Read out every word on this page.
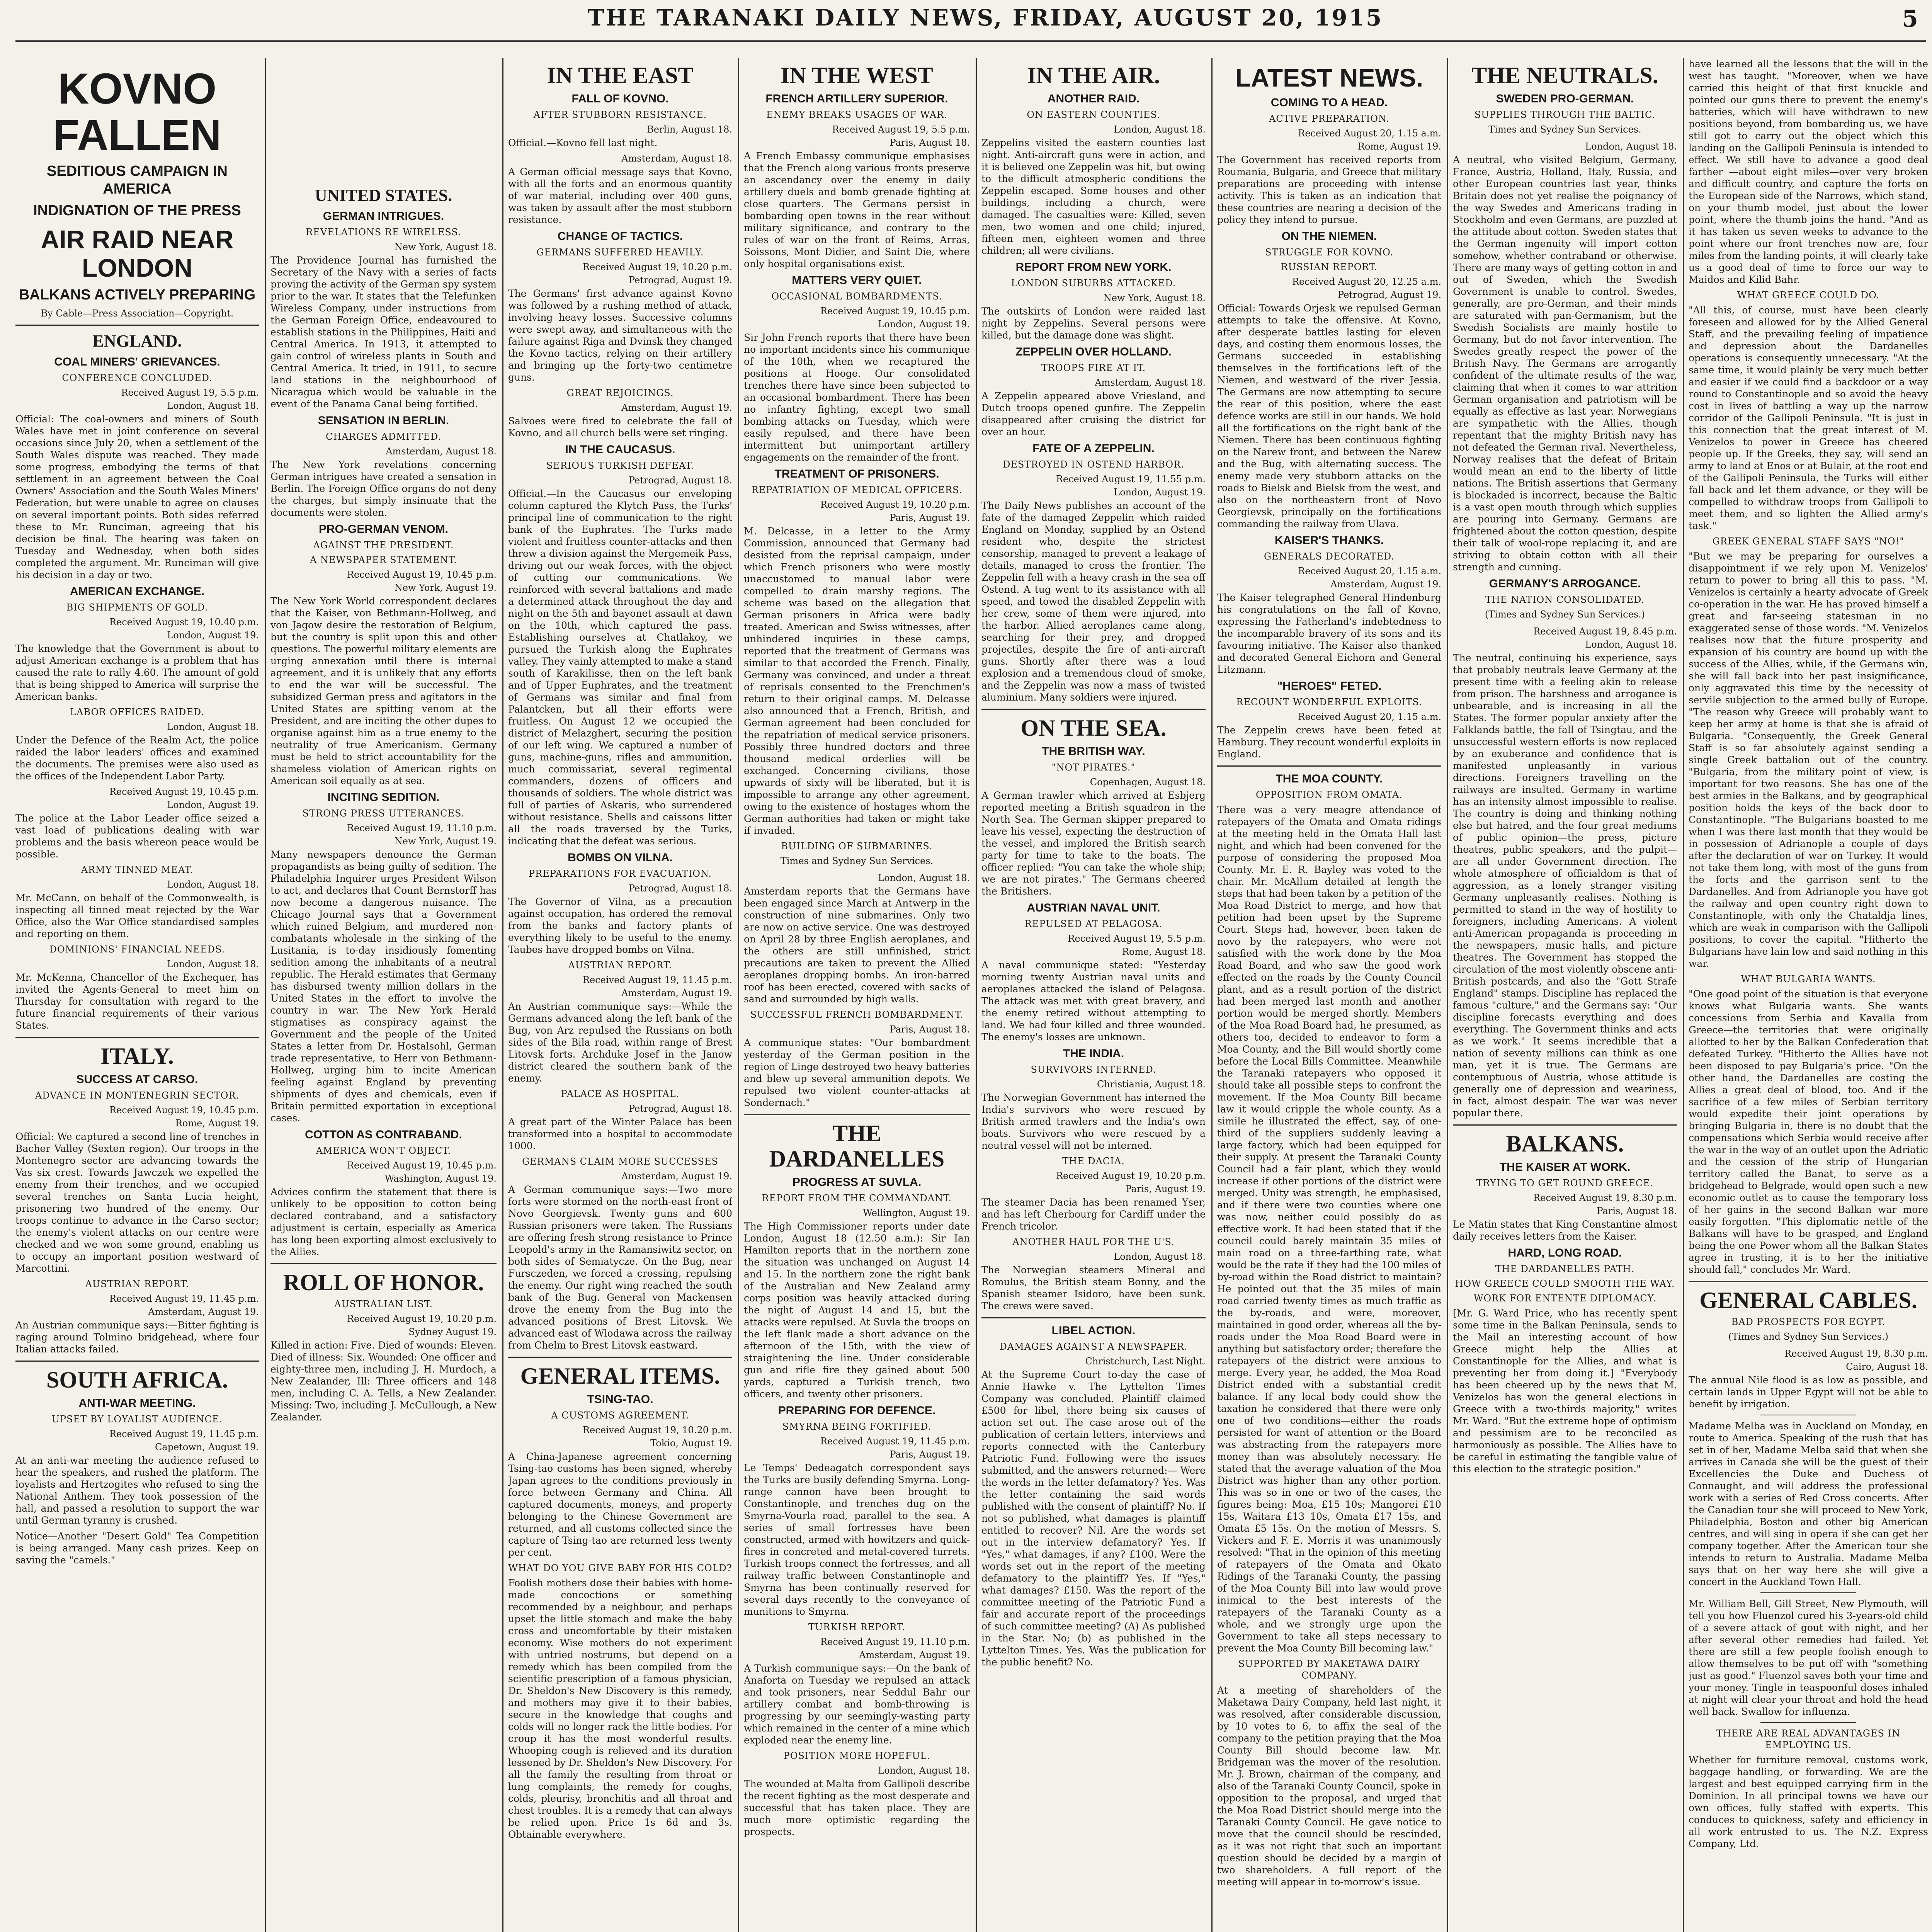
THE TARANAKI DAILY NEWS, FRIDAY, AUGUST 20, 1915	5
KOVNO FALLEN
SEDITIOUS CAMPAIGN IN AMERICA
INDIGNATION OF THE PRESS
AIR RAID NEAR LONDON
BALKANS ACTIVELY PREPARING
By Cable—Press Association—Copyright.
ENGLAND.
COAL MINERS' GRIEVANCES.
CONFERENCE CONCLUDED.
Received August 19, 5.5 p.m.
London, August 18.
Official: The coal-owners and miners of South Wales have met in joint conference on several occasions since July 20, when a settlement of the South Wales dispute was reached. They made some progress, embodying the terms of that settlement in an agreement between the Coal Owners' Association and the South Wales Miners' Federation, but were unable to agree on clauses on several important points. Both sides referred these to Mr. Runciman, agreeing that his decision be final. The hearing was taken on Tuesday and Wednesday, when both sides completed the argument. Mr. Runciman will give his decision in a day or two.
AMERICAN EXCHANGE.
BIG SHIPMENTS OF GOLD.
Received August 19, 10.40 p.m.
London, August 19.
The knowledge that the Government is about to adjust American exchange is a problem that has caused the rate to rally 4.60. The amount of gold that is being shipped to America will surprise the American banks.
LABOR OFFICES RAIDED.
London, August 18.
Under the Defence of the Realm Act, the police raided the labor leaders' offices and examined the documents. The premises were also used as the offices of the Independent Labor Party.
Received August 19, 10.45 p.m.
London, August 19.
The police at the Labor Leader office seized a vast load of publications dealing with war problems and the basis whereon peace would be possible.
ARMY TINNED MEAT.
London, August 18.
Mr. McCann, on behalf of the Commonwealth, is inspecting all tinned meat rejected by the War Office, also the War Office standardised samples and reporting on them.
DOMINIONS' FINANCIAL NEEDS.
London, August 18.
Mr. McKenna, Chancellor of the Exchequer, has invited the Agents-General to meet him on Thursday for consultation with regard to the future financial requirements of their various States.
ITALY.
SUCCESS AT CARSO.
ADVANCE IN MONTENEGRIN SECTOR.
Received August 19, 10.45 p.m.
Rome, August 19.
Official: We captured a second line of trenches in Bacher Valley (Sexten region). Our troops in the Montenegro sector are advancing towards the Vas six crest. Towards Jawczek we expelled the enemy from their trenches, and we occupied several trenches on Santa Lucia height, prisonering two hundred of the enemy. Our troops continue to advance in the Carso sector; the enemy's violent attacks on our centre were checked and we won some ground, enabling us to occupy an important position westward of Marcottini.
AUSTRIAN REPORT.
Received August 19, 11.45 p.m.
Amsterdam, August 19.
An Austrian communique says:—Bitter fighting is raging around Tolmino bridgehead, where four Italian attacks failed.
SOUTH AFRICA.
ANTI-WAR MEETING.
UPSET BY LOYALIST AUDIENCE.
Received August 19, 11.45 p.m.
Capetown, August 19.
At an anti-war meeting the audience refused to hear the speakers, and rushed the platform. The loyalists and Hertzogites who refused to sing the National Anthem. They took possession of the hall, and passed a resolution to support the war until German tyranny is crushed.
Notice—Another "Desert Gold" Tea Competition is being arranged. Many cash prizes. Keep on saving the "camels."
UNITED STATES.
GERMAN INTRIGUES.
REVELATIONS RE WIRELESS.
New York, August 18.
The Providence Journal has furnished the Secretary of the Navy with a series of facts proving the activity of the German spy system prior to the war. It states that the Telefunken Wireless Company, under instructions from the German Foreign Office, endeavoured to establish stations in the Philippines, Haiti and Central America. In 1913, it attempted to gain control of wireless plants in South and Central America. It tried, in 1911, to secure land stations in the neighbourhood of Nicaragua which would be valuable in the event of the Panama Canal being fortified.
SENSATION IN BERLIN.
CHARGES ADMITTED.
Amsterdam, August 18.
The New York revelations concerning German intrigues have created a sensation in Berlin. The Foreign Office organs do not deny the charges, but simply insinuate that the documents were stolen.
PRO-GERMAN VENOM.
AGAINST THE PRESIDENT.
A NEWSPAPER STATEMENT.
Received August 19, 10.45 p.m.
New York, August 19.
The New York World correspondent declares that the Kaiser, von Bethmann-Hollweg, and von Jagow desire the restoration of Belgium, but the country is split upon this and other questions. The powerful military elements are urging annexation until there is internal agreement, and it is unlikely that any efforts to end the war will be successful. The subsidized German press and agitators in the United States are spitting venom at the President, and are inciting the other dupes to organise against him as a true enemy to the neutrality of true Americanism. Germany must be held to strict accountability for the shameless violation of American rights on American soil equally as at sea.
INCITING SEDITION.
STRONG PRESS UTTERANCES.
Received August 19, 11.10 p.m.
New York, August 19.
Many newspapers denounce the German propagandists as being guilty of sedition. The Philadelphia Inquirer urges President Wilson to act, and declares that Count Bernstorff has now become a dangerous nuisance. The Chicago Journal says that a Government which ruined Belgium, and murdered non-combatants wholesale in the sinking of the Lusitania, is to-day insidiously fomenting sedition among the inhabitants of a neutral republic. The Herald estimates that Germany has disbursed twenty million dollars in the United States in the effort to involve the country in war. The New York Herald stigmatises as conspiracy against the Government and the people of the United States a letter from Dr. Hostalsohl, German trade representative, to Herr von Bethmann-Hollweg, urging him to incite American feeling against England by preventing shipments of dyes and chemicals, even if Britain permitted exportation in exceptional cases.
COTTON AS CONTRABAND.
AMERICA WON'T OBJECT.
Received August 19, 10.45 p.m.
Washington, August 19.
Advices confirm the statement that there is unlikely to be opposition to cotton being declared contraband, and a satisfactory adjustment is certain, especially as America has long been exporting almost exclusively to the Allies.
ROLL OF HONOR.
AUSTRALIAN LIST.
Received August 19, 10.20 p.m.
Sydney August 19.
Killed in action: Five. Died of wounds: Eleven. Died of illness: Six. Wounded: One officer and eighty-three men, including J. H. Murdoch, a New Zealander, Ill: Three officers and 148 men, including C. A. Tells, a New Zealander. Missing: Two, including J. McCullough, a New Zealander.
IN THE EAST
FALL OF KOVNO.
AFTER STUBBORN RESISTANCE.
Berlin, August 18.
Official.—Kovno fell last night.
Amsterdam, August 18.
A German official message says that Kovno, with all the forts and an enormous quantity of war material, including over 400 guns, was taken by assault after the most stubborn resistance.
CHANGE OF TACTICS.
GERMANS SUFFERED HEAVILY.
Received August 19, 10.20 p.m.
Petrograd, August 19.
The Germans' first advance against Kovno was followed by a rushing method of attack, involving heavy losses. Successive columns were swept away, and simultaneous with the failure against Riga and Dvinsk they changed the Kovno tactics, relying on their artillery and bringing up the forty-two centimetre guns.
GREAT REJOICINGS.
Amsterdam, August 19.
Salvoes were fired to celebrate the fall of Kovno, and all church bells were set ringing.
IN THE CAUCASUS.
SERIOUS TURKISH DEFEAT.
Petrograd, August 18.
Official.—In the Caucasus our enveloping column captured the Klytch Pass, the Turks' principal line of communication to the right bank of the Euphrates. The Turks made violent and fruitless counter-attacks and then threw a division against the Mergemeik Pass, driving out our weak forces, with the object of cutting our communications. We reinforced with several battalions and made a determined attack throughout the day and night on the 5th and bayonet assault at dawn on the 10th, which captured the pass. Establishing ourselves at Chatlakoy, we pursued the Turkish along the Euphrates valley. They vainly attempted to make a stand south of Karakilisse, then on the left bank and of Upper Euphrates, and the treatment of Germans was similar and final from Palantcken, but all their efforts were fruitless. On August 12 we occupied the district of Melazghert, securing the position of our left wing. We captured a number of guns, machine-guns, rifles and ammunition, much commissariat, several regimental commanders, dozens of officers and thousands of soldiers. The whole district was full of parties of Askaris, who surrendered without resistance. Shells and caissons litter all the roads traversed by the Turks, indicating that the defeat was serious.
BOMBS ON VILNA.
PREPARATIONS FOR EVACUATION.
Petrograd, August 18.
The Governor of Vilna, as a precaution against occupation, has ordered the removal from the banks and factory plants of everything likely to be useful to the enemy. Taubes have dropped bombs on Vilna.
AUSTRIAN REPORT.
Received August 19, 11.45 p.m.
Amsterdam, August 19.
An Austrian communique says:—While the Germans advanced along the left bank of the Bug, von Arz repulsed the Russians on both sides of the Bila road, within range of Brest Litovsk forts. Archduke Josef in the Janow district cleared the southern bank of the enemy.
PALACE AS HOSPITAL.
Petrograd, August 18.
A great part of the Winter Palace has been transformed into a hospital to accommodate 1000.
GERMANS CLAIM MORE SUCCESSES
Amsterdam, August 19.
A German communique says:—Two more forts were stormed on the north-east front of Novo Georgievsk. Twenty guns and 600 Russian prisoners were taken. The Russians are offering fresh strong resistance to Prince Leopold's army in the Ramansiwitz sector, on both sides of Semiatycze. On the Bug, near Fursczeden, we forced a crossing, repulsing the enemy. Our right wing reached the south bank of the Bug. General von Mackensen drove the enemy from the Bug into the advanced positions of Brest Litovsk. We advanced east of Wlodawa across the railway from Chelm to Brest Litovsk eastward.
GENERAL ITEMS.
TSING-TAO.
A CUSTOMS AGREEMENT.
Received August 19, 10.20 p.m.
Tokio, August 19.
A China-Japanese agreement concerning Tsing-tao customs has been signed, whereby Japan agrees to the conditions previously in force between Germany and China. All captured documents, moneys, and property belonging to the Chinese Government are returned, and all customs collected since the capture of Tsing-tao are returned less twenty per cent.
WHAT DO YOU GIVE BABY FOR HIS COLD?
Foolish mothers dose their babies with home-made concoctions or something recommended by a neighbour, and perhaps upset the little stomach and make the baby cross and uncomfortable by their mistaken economy. Wise mothers do not experiment with untried nostrums, but depend on a remedy which has been compiled from the scientific prescription of a famous physician, Dr. Sheldon's New Discovery is this remedy, and mothers may give it to their babies, secure in the knowledge that coughs and colds will no longer rack the little bodies. For croup it has the most wonderful results. Whooping cough is relieved and its duration lessened by Dr. Sheldon's New Discovery. For all the family the resulting from throat or lung complaints, the remedy for coughs, colds, pleurisy, bronchitis and all throat and chest troubles. It is a remedy that can always be relied upon. Price 1s 6d and 3s. Obtainable everywhere.
IN THE WEST
FRENCH ARTILLERY SUPERIOR.
ENEMY BREAKS USAGES OF WAR.
Received August 19, 5.5 p.m.
Paris, August 18.
A French Embassy communique emphasises that the French along various fronts preserve an ascendancy over the enemy in daily artillery duels and bomb grenade fighting at close quarters. The Germans persist in bombarding open towns in the rear without military significance, and contrary to the rules of war on the front of Reims, Arras, Soissons, Mont Didier, and Saint Die, where only hospital organisations exist.
MATTERS VERY QUIET.
OCCASIONAL BOMBARDMENTS.
Received August 19, 10.45 p.m.
London, August 19.
Sir John French reports that there have been no important incidents since his communique of the 10th, when we recaptured the positions at Hooge. Our consolidated trenches there have since been subjected to an occasional bombardment. There has been no infantry fighting, except two small bombing attacks on Tuesday, which were easily repulsed, and there have been intermittent but unimportant artillery engagements on the remainder of the front.
TREATMENT OF PRISONERS.
REPATRIATION OF MEDICAL OFFICERS.
Received August 19, 10.20 p.m.
Paris, August 19.
M. Delcasse, in a letter to the Army Commission, announced that Germany had desisted from the reprisal campaign, under which French prisoners who were mostly unaccustomed to manual labor were compelled to drain marshy regions. The scheme was based on the allegation that German prisoners in Africa were badly treated. American and Swiss witnesses, after unhindered inquiries in these camps, reported that the treatment of Germans was similar to that accorded the French. Finally, Germany was convinced, and under a threat of reprisals consented to the Frenchmen's return to their original camps. M. Delcasse also announced that a French, British, and German agreement had been concluded for the repatriation of medical service prisoners. Possibly three hundred doctors and three thousand medical orderlies will be exchanged. Concerning civilians, those upwards of sixty will be liberated, but it is impossible to arrange any other agreement, owing to the existence of hostages whom the German authorities had taken or might take if invaded.
BUILDING OF SUBMARINES.
Times and Sydney Sun Services.
London, August 18.
Amsterdam reports that the Germans have been engaged since March at Antwerp in the construction of nine submarines. Only two are now on active service. One was destroyed on April 28 by three English aeroplanes, and the others are still unfinished, strict precautions are taken to prevent the Allied aeroplanes dropping bombs. An iron-barred roof has been erected, covered with sacks of sand and surrounded by high walls.
SUCCESSFUL FRENCH BOMBARDMENT.
Paris, August 18.
A communique states: "Our bombardment yesterday of the German position in the region of Linge destroyed two heavy batteries and blew up several ammunition depots. We repulsed two violent counter-attacks at Sondernach."
THE DARDANELLES
PROGRESS AT SUVLA.
REPORT FROM THE COMMANDANT.
Wellington, August 19.
The High Commissioner reports under date London, August 18 (12.50 a.m.): Sir Ian Hamilton reports that in the northern zone the situation was unchanged on August 14 and 15. In the northern zone the right bank of the Australian and New Zealand army corps position was heavily attacked during the night of August 14 and 15, but the attacks were repulsed. At Suvla the troops on the left flank made a short advance on the afternoon of the 15th, with the view of straightening the line. Under considerable gun and rifle fire they gained about 500 yards, captured a Turkish trench, two officers, and twenty other prisoners.
PREPARING FOR DEFENCE.
SMYRNA BEING FORTIFIED.
Received August 19, 11.45 p.m.
Paris, August 19.
Le Temps' Dedeagatch correspondent says the Turks are busily defending Smyrna. Long-range cannon have been brought to Constantinople, and trenches dug on the Smyrna-Vourla road, parallel to the sea. A series of small fortresses have been constructed, armed with howitzers and quick-fires in concreted and metal-covered turrets. Turkish troops connect the fortresses, and all railway traffic between Constantinople and Smyrna has been continually reserved for several days recently to the conveyance of munitions to Smyrna.
TURKISH REPORT.
Received August 19, 11.10 p.m.
Amsterdam, August 19.
A Turkish communique says:—On the bank of Anaforta on Tuesday we repulsed an attack and took prisoners, near Seddul Bahr our artillery combat and bomb-throwing is progressing by our seemingly-wasting party which remained in the center of a mine which exploded near the enemy line.
POSITION MORE HOPEFUL.
London, August 18.
The wounded at Malta from Gallipoli describe the recent fighting as the most desperate and successful that has taken place. They are much more optimistic regarding the prospects.
IN THE AIR.
ANOTHER RAID.
ON EASTERN COUNTIES.
London, August 18.
Zeppelins visited the eastern counties last night. Anti-aircraft guns were in action, and it is believed one Zeppelin was hit, but owing to the difficult atmospheric conditions the Zeppelin escaped. Some houses and other buildings, including a church, were damaged. The casualties were: Killed, seven men, two women and one child; injured, fifteen men, eighteen women and three children; all were civilians.
REPORT FROM NEW YORK.
LONDON SUBURBS ATTACKED.
New York, August 18.
The outskirts of London were raided last night by Zeppelins. Several persons were killed, but the damage done was slight.
ZEPPELIN OVER HOLLAND.
TROOPS FIRE AT IT.
Amsterdam, August 18.
A Zeppelin appeared above Vriesland, and Dutch troops opened gunfire. The Zeppelin disappeared after cruising the district for over an hour.
FATE OF A ZEPPELIN.
DESTROYED IN OSTEND HARBOR.
Received August 19, 11.55 p.m.
London, August 19.
The Daily News publishes an account of the fate of the damaged Zeppelin which raided England on Monday, supplied by an Ostend resident who, despite the strictest censorship, managed to prevent a leakage of details, managed to cross the frontier. The Zeppelin fell with a heavy crash in the sea off Ostend. A tug went to its assistance with all speed, and towed the disabled Zeppelin with her crew, some of them were injured, into the harbor. Allied aeroplanes came along, searching for their prey, and dropped projectiles, despite the fire of anti-aircraft guns. Shortly after there was a loud explosion and a tremendous cloud of smoke, and the Zeppelin was now a mass of twisted aluminium. Many soldiers were injured.
ON THE SEA.
THE BRITISH WAY.
"NOT PIRATES."
Copenhagen, August 18.
A German trawler which arrived at Esbjerg reported meeting a British squadron in the North Sea. The German skipper prepared to leave his vessel, expecting the destruction of the vessel, and implored the British search party for time to take to the boats. The officer replied: "You can take the whole ship; we are not pirates." The Germans cheered the Britishers.
AUSTRIAN NAVAL UNIT.
REPULSED AT PELAGOSA.
Received August 19, 5.5 p.m.
Rome, August 18.
A naval communique stated: "Yesterday morning twenty Austrian naval units and aeroplanes attacked the island of Pelagosa. The attack was met with great bravery, and the enemy retired without attempting to land. We had four killed and three wounded. The enemy's losses are unknown.
THE INDIA.
SURVIVORS INTERNED.
Christiania, August 18.
The Norwegian Government has interned the India's survivors who were rescued by British armed trawlers and the India's own boats. Survivors who were rescued by a neutral vessel will not be interned.
THE DACIA.
Received August 19, 10.20 p.m.
Paris, August 19.
The steamer Dacia has been renamed Yser, and has left Cherbourg for Cardiff under the French tricolor.
ANOTHER HAUL FOR THE U'S.
London, August 18.
The Norwegian steamers Mineral and Romulus, the British steam Bonny, and the Spanish steamer Isidoro, have been sunk. The crews were saved.
LIBEL ACTION.
DAMAGES AGAINST A NEWSPAPER.
Christchurch, Last Night.
At the Supreme Court to-day the case of Annie Hawke v. The Lyttelton Times Company was concluded. Plaintiff claimed £500 for libel, there being six causes of action set out. The case arose out of the publication of certain letters, interviews and reports connected with the Canterbury Patriotic Fund. Following were the issues submitted, and the answers returned:— Were the words in the letter defamatory? Yes. Was the letter containing the said words published with the consent of plaintiff? No. If not so published, what damages is plaintiff entitled to recover? Nil. Are the words set out in the interview defamatory? Yes. If "Yes," what damages, if any? £100. Were the words set out in the report of the meeting defamatory to the plaintiff? Yes. If "Yes," what damages? £150. Was the report of the committee meeting of the Patriotic Fund a fair and accurate report of the proceedings of such committee meeting? (A) As published in the Star. No; (b) as published in the Lyttelton Times. Yes. Was the publication for the public benefit? No.
LATEST NEWS.
COMING TO A HEAD.
ACTIVE PREPARATION.
Received August 20, 1.15 a.m.
Rome, August 19.
The Government has received reports from Roumania, Bulgaria, and Greece that military preparations are proceeding with intense activity. This is taken as an indication that these countries are nearing a decision of the policy they intend to pursue.
ON THE NIEMEN.
STRUGGLE FOR KOVNO.
RUSSIAN REPORT.
Received August 20, 12.25 a.m.
Petrograd, August 19.
Official: Towards Orjesk we repulsed German attempts to take the offensive. At Kovno, after desperate battles lasting for eleven days, and costing them enormous losses, the Germans succeeded in establishing themselves in the fortifications left of the Niemen, and westward of the river Jessia. The Germans are now attempting to secure the rear of this position, where the east defence works are still in our hands. We hold all the fortifications on the right bank of the Niemen. There has been continuous fighting on the Narew front, and between the Narew and the Bug, with alternating success. The enemy made very stubborn attacks on the roads to Bielsk and Bielsk from the west, and also on the northeastern front of Novo Georgievsk, principally on the fortifications commanding the railway from Ulava.
KAISER'S THANKS.
GENERALS DECORATED.
Received August 20, 1.15 a.m.
Amsterdam, August 19.
The Kaiser telegraphed General Hindenburg his congratulations on the fall of Kovno, expressing the Fatherland's indebtedness to the incomparable bravery of its sons and its favouring initiative. The Kaiser also thanked and decorated General Eichorn and General Litzmann.
"HEROES" FETED.
RECOUNT WONDERFUL EXPLOITS.
Received August 20, 1.15 a.m.
The Zeppelin crews have been feted at Hamburg. They recount wonderful exploits in England.
THE MOA COUNTY.
OPPOSITION FROM OMATA.
There was a very meagre attendance of ratepayers of the Omata and Omata ridings at the meeting held in the Omata Hall last night, and which had been convened for the purpose of considering the proposed Moa County. Mr. E. R. Bayley was voted to the chair. Mr. McAllum detailed at length the steps that had been taken by a petition of the Moa Road District to merge, and how that petition had been upset by the Supreme Court. Steps had, however, been taken de novo by the ratepayers, who were not satisfied with the work done by the Moa Road Board, and who saw the good work effected on the roads by the County Council plant, and as a result portion of the district had been merged last month and another portion would be merged shortly. Members of the Moa Road Board had, he presumed, as others too, decided to endeavor to form a Moa County, and the Bill would shortly come before the Local Bills Committee. Meanwhile the Taranaki ratepayers who opposed it should take all possible steps to confront the movement. If the Moa County Bill became law it would cripple the whole county. As a simile he illustrated the effect, say, of one-third of the suppliers suddenly leaving a large factory, which had been equipped for their supply. At present the Taranaki County Council had a fair plant, which they would increase if other portions of the district were merged. Unity was strength, he emphasised, and if there were two counties where one was now, neither could possibly do as effective work. It had been stated that if the council could barely maintain 35 miles of main road on a three-farthing rate, what would be the rate if they had the 100 miles of by-road within the Road district to maintain? He pointed out that the 35 miles of main road carried twenty times as much traffic as the by-roads, and were, moreover, maintained in good order, whereas all the by-roads under the Moa Road Board were in anything but satisfactory order; therefore the ratepayers of the district were anxious to merge. Every year, he added, the Moa Road District ended with a substantial credit balance. If any local body could show the taxation he considered that there were only one of two conditions—either the roads persisted for want of attention or the Board was abstracting from the ratepayers more money than was absolutely necessary. He stated that the average valuation of the Moa District was higher than any other portion. This was so in one or two of the cases, the figures being: Moa, £15 10s; Mangorei £10 15s, Waitara £13 10s, Omata £17 15s, and Omata £5 15s. On the motion of Messrs. S. Vickers and F. E. Morris it was unanimously resolved: "That in the opinion of this meeting of ratepayers of the Omata and Okato Ridings of the Taranaki County, the passing of the Moa County Bill into law would prove inimical to the best interests of the ratepayers of the Taranaki County as a whole, and we strongly urge upon the Government to take all steps necessary to prevent the Moa County Bill becoming law."
SUPPORTED BY MAKETAWA DAIRY COMPANY.
At a meeting of shareholders of the Maketawa Dairy Company, held last night, it was resolved, after considerable discussion, by 10 votes to 6, to affix the seal of the company to the petition praying that the Moa County Bill should become law. Mr. Bridgeman was the mover of the resolution. Mr. J. Brown, chairman of the company, and also of the Taranaki County Council, spoke in opposition to the proposal, and urged that the Moa Road District should merge into the Taranaki County Council. He gave notice to move that the council should be rescinded, as it was not right that such an important question should be decided by a margin of two shareholders. A full report of the meeting will appear in to-morrow's issue.
THE NEUTRALS.
SWEDEN PRO-GERMAN.
SUPPLIES THROUGH THE BALTIC.
Times and Sydney Sun Services.
London, August 18.
A neutral, who visited Belgium, Germany, France, Austria, Holland, Italy, Russia, and other European countries last year, thinks Britain does not yet realise the poignancy of the way Swedes and Americans trading in Stockholm and even Germans, are puzzled at the attitude about cotton. Sweden states that the German ingenuity will import cotton somehow, whether contraband or otherwise. There are many ways of getting cotton in and out of Sweden, which the Swedish Government is unable to control. Swedes, generally, are pro-German, and their minds are saturated with pan-Germanism, but the Swedish Socialists are mainly hostile to Germany, but do not favor intervention. The Swedes greatly respect the power of the British Navy. The Germans are arrogantly confident of the ultimate results of the war, claiming that when it comes to war attrition German organisation and patriotism will be equally as effective as last year. Norwegians are sympathetic with the Allies, though repentant that the mighty British navy has not defeated the German rival. Nevertheless, Norway realises that the defeat of Britain would mean an end to the liberty of little nations. The British assertions that Germany is blockaded is incorrect, because the Baltic is a vast open mouth through which supplies are pouring into Germany. Germans are frightened about the cotton question, despite their talk of wool-rope replacing it, and are striving to obtain cotton with all their strength and cunning.
GERMANY'S ARROGANCE.
THE NATION CONSOLIDATED.
(Times and Sydney Sun Services.)
Received August 19, 8.45 p.m.
London, August 18.
The neutral, continuing his experience, says that probably neutrals leave Germany at the present time with a feeling akin to release from prison. The harshness and arrogance is unbearable, and is increasing in all the States. The former popular anxiety after the Falklands battle, the fall of Tsingtau, and the unsuccessful western efforts is now replaced by an exuberance and confidence that is manifested unpleasantly in various directions. Foreigners travelling on the railways are insulted. Germany in wartime has an intensity almost impossible to realise. The country is doing and thinking nothing else but hatred, and the four great mediums of public opinion—the press, picture theatres, public speakers, and the pulpit—are all under Government direction. The whole atmosphere of officialdom is that of aggression, as a lonely stranger visiting Germany unpleasantly realises. Nothing is permitted to stand in the way of hostility to foreigners, including Americans. A violent anti-American propaganda is proceeding in the newspapers, music halls, and picture theatres. The Government has stopped the circulation of the most violently obscene anti-British postcards, and also the "Gott Strafe England" stamps. Discipline has replaced the famous "culture," and the Germans say: "Our discipline forecasts everything and does everything. The Government thinks and acts as we work." It seems incredible that a nation of seventy millions can think as one man, yet it is true. The Germans are contemptuous of Austria, whose attitude is generally one of depression and weariness, in fact, almost despair. The war was never popular there.
BALKANS.
THE KAISER AT WORK.
TRYING TO GET ROUND GREECE.
Received August 19, 8.30 p.m.
Paris, August 18.
Le Matin states that King Constantine almost daily receives letters from the Kaiser.
HARD, LONG ROAD.
THE DARDANELLES PATH.
HOW GREECE COULD SMOOTH THE WAY.
WORK FOR ENTENTE DIPLOMACY.
[Mr. G. Ward Price, who has recently spent some time in the Balkan Peninsula, sends to the Mail an interesting account of how Greece might help the Allies at Constantinople for the Allies, and what is preventing her from doing it.] "Everybody has been cheered up by the news that M. Venizelos has won the general elections in Greece with a two-thirds majority," writes Mr. Ward. "But the extreme hope of optimism and pessimism are to be reconciled as harmoniously as possible. The Allies have to be careful in estimating the tangible value of this election to the strategic position."
have learned all the lessons that the will in the west has taught. "Moreover, when we have carried this height of that first knuckle and pointed our guns there to prevent the enemy's batteries, which will have withdrawn to new positions beyond, from bombarding us, we have still got to carry out the object which this landing on the Gallipoli Peninsula is intended to effect. We still have to advance a good deal farther —about eight miles—over very broken and difficult country, and capture the forts on the European side of the Narrows, which stand, on your thumb model, just about the lower point, where the thumb joins the hand. "And as it has taken us seven weeks to advance to the point where our front trenches now are, four miles from the landing points, it will clearly take us a good deal of time to force our way to Maidos and Kilid Bahr.
WHAT GREECE COULD DO.
"All this, of course, must have been clearly foreseen and allowed for by the Allied General Staff, and the prevailing feeling of impatience and depression about the Dardanelles operations is consequently unnecessary. "At the same time, it would plainly be very much better and easier if we could find a backdoor or a way round to Constantinople and so avoid the heavy cost in lives of battling a way up the narrow corridor of the Gallipoli Peninsula. "It is just in this connection that the great interest of M. Venizelos to power in Greece has cheered people up. If the Greeks, they say, will send an army to land at Enos or at Bulair, at the root end of the Gallipoli Peninsula, the Turks will either fall back and let them advance, or they will be compelled to withdraw troops from Gallipoli to meet them, and so lighten the Allied army's task."
GREEK GENERAL STAFF SAYS "NO!"
"But we may be preparing for ourselves a disappointment if we rely upon M. Venizelos' return to power to bring all this to pass. "M. Venizelos is certainly a hearty advocate of Greek co-operation in the war. He has proved himself a great and far-seeing statesman in no exaggerated sense of those words. "M. Venizelos realises now that the future prosperity and expansion of his country are bound up with the success of the Allies, while, if the Germans win, she will fall back into her past insignificance, only aggravated this time by the necessity of servile subjection to the armed bully of Europe. "The reason why Greece will probably want to keep her army at home is that she is afraid of Bulgaria. "Consequently, the Greek General Staff is so far absolutely against sending a single Greek battalion out of the country. "Bulgaria, from the military point of view, is important for two reasons. She has one of the best armies in the Balkans, and by geographical position holds the keys of the back door to Constantinople. "The Bulgarians boasted to me when I was there last month that they would be in possession of Adrianople a couple of days after the declaration of war on Turkey. It would not take them long, with most of the guns from the forts and the garrison sent to the Dardanelles. And from Adrianople you have got the railway and open country right down to Constantinople, with only the Chataldja lines, which are weak in comparison with the Gallipoli positions, to cover the capital. "Hitherto the Bulgarians have lain low and said nothing in this war.
WHAT BULGARIA WANTS.
"One good point of the situation is that everyone knows what Bulgaria wants. She wants concessions from Serbia and Kavalla from Greece—the territories that were originally allotted to her by the Balkan Confederation that defeated Turkey. "Hitherto the Allies have not been disposed to pay Bulgaria's price. "On the other hand, the Dardanelles are costing the Allies a great deal of blood, too. And if the sacrifice of a few miles of Serbian territory would expedite their joint operations by bringing Bulgaria in, there is no doubt that the compensations which Serbia would receive after the war in the way of an outlet upon the Adriatic and the cession of the strip of Hungarian territory called the Banat, to serve as a bridgehead to Belgrade, would open such a new economic outlet as to cause the temporary loss of her gains in the second Balkan war more easily forgotten. "This diplomatic nettle of the Balkans will have to be grasped, and England being the one Power whom all the Balkan States agree in trusting, it is to her the initiative should fall," concludes Mr. Ward.
GENERAL CABLES.
BAD PROSPECTS FOR EGYPT.
(Times and Sydney Sun Services.)
Received August 19, 8.30 p.m.
Cairo, August 18.
The annual Nile flood is as low as possible, and certain lands in Upper Egypt will not be able to benefit by irrigation.
Madame Melba was in Auckland on Monday, en route to America. Speaking of the rush that has set in of her, Madame Melba said that when she arrives in Canada she will be the guest of their Excellencies the Duke and Duchess of Connaught, and will address the professional work with a series of Red Cross concerts. After the Canadian tour she will proceed to New York, Philadelphia, Boston and other big American centres, and will sing in opera if she can get her company together. After the American tour she intends to return to Australia. Madame Melba says that on her way here she will give a concert in the Auckland Town Hall.
Mr. William Bell, Gill Street, New Plymouth, will tell you how Fluenzol cured his 3-years-old child of a severe attack of gout with night, and her after several other remedies had failed. Yet there are still a few people foolish enough to allow themselves to be put off with "something just as good." Fluenzol saves both your time and your money. Tingle in teaspoonful doses inhaled at night will clear your throat and hold the head well back. Swallow for influenza.
THERE ARE REAL ADVANTAGES IN EMPLOYING US.
Whether for furniture removal, customs work, baggage handling, or forwarding. We are the largest and best equipped carrying firm in the Dominion. In all principal towns we have our own offices, fully staffed with experts. This conduces to quickness, safety and efficiency in all work entrusted to us. The N.Z. Express Company, Ltd.
